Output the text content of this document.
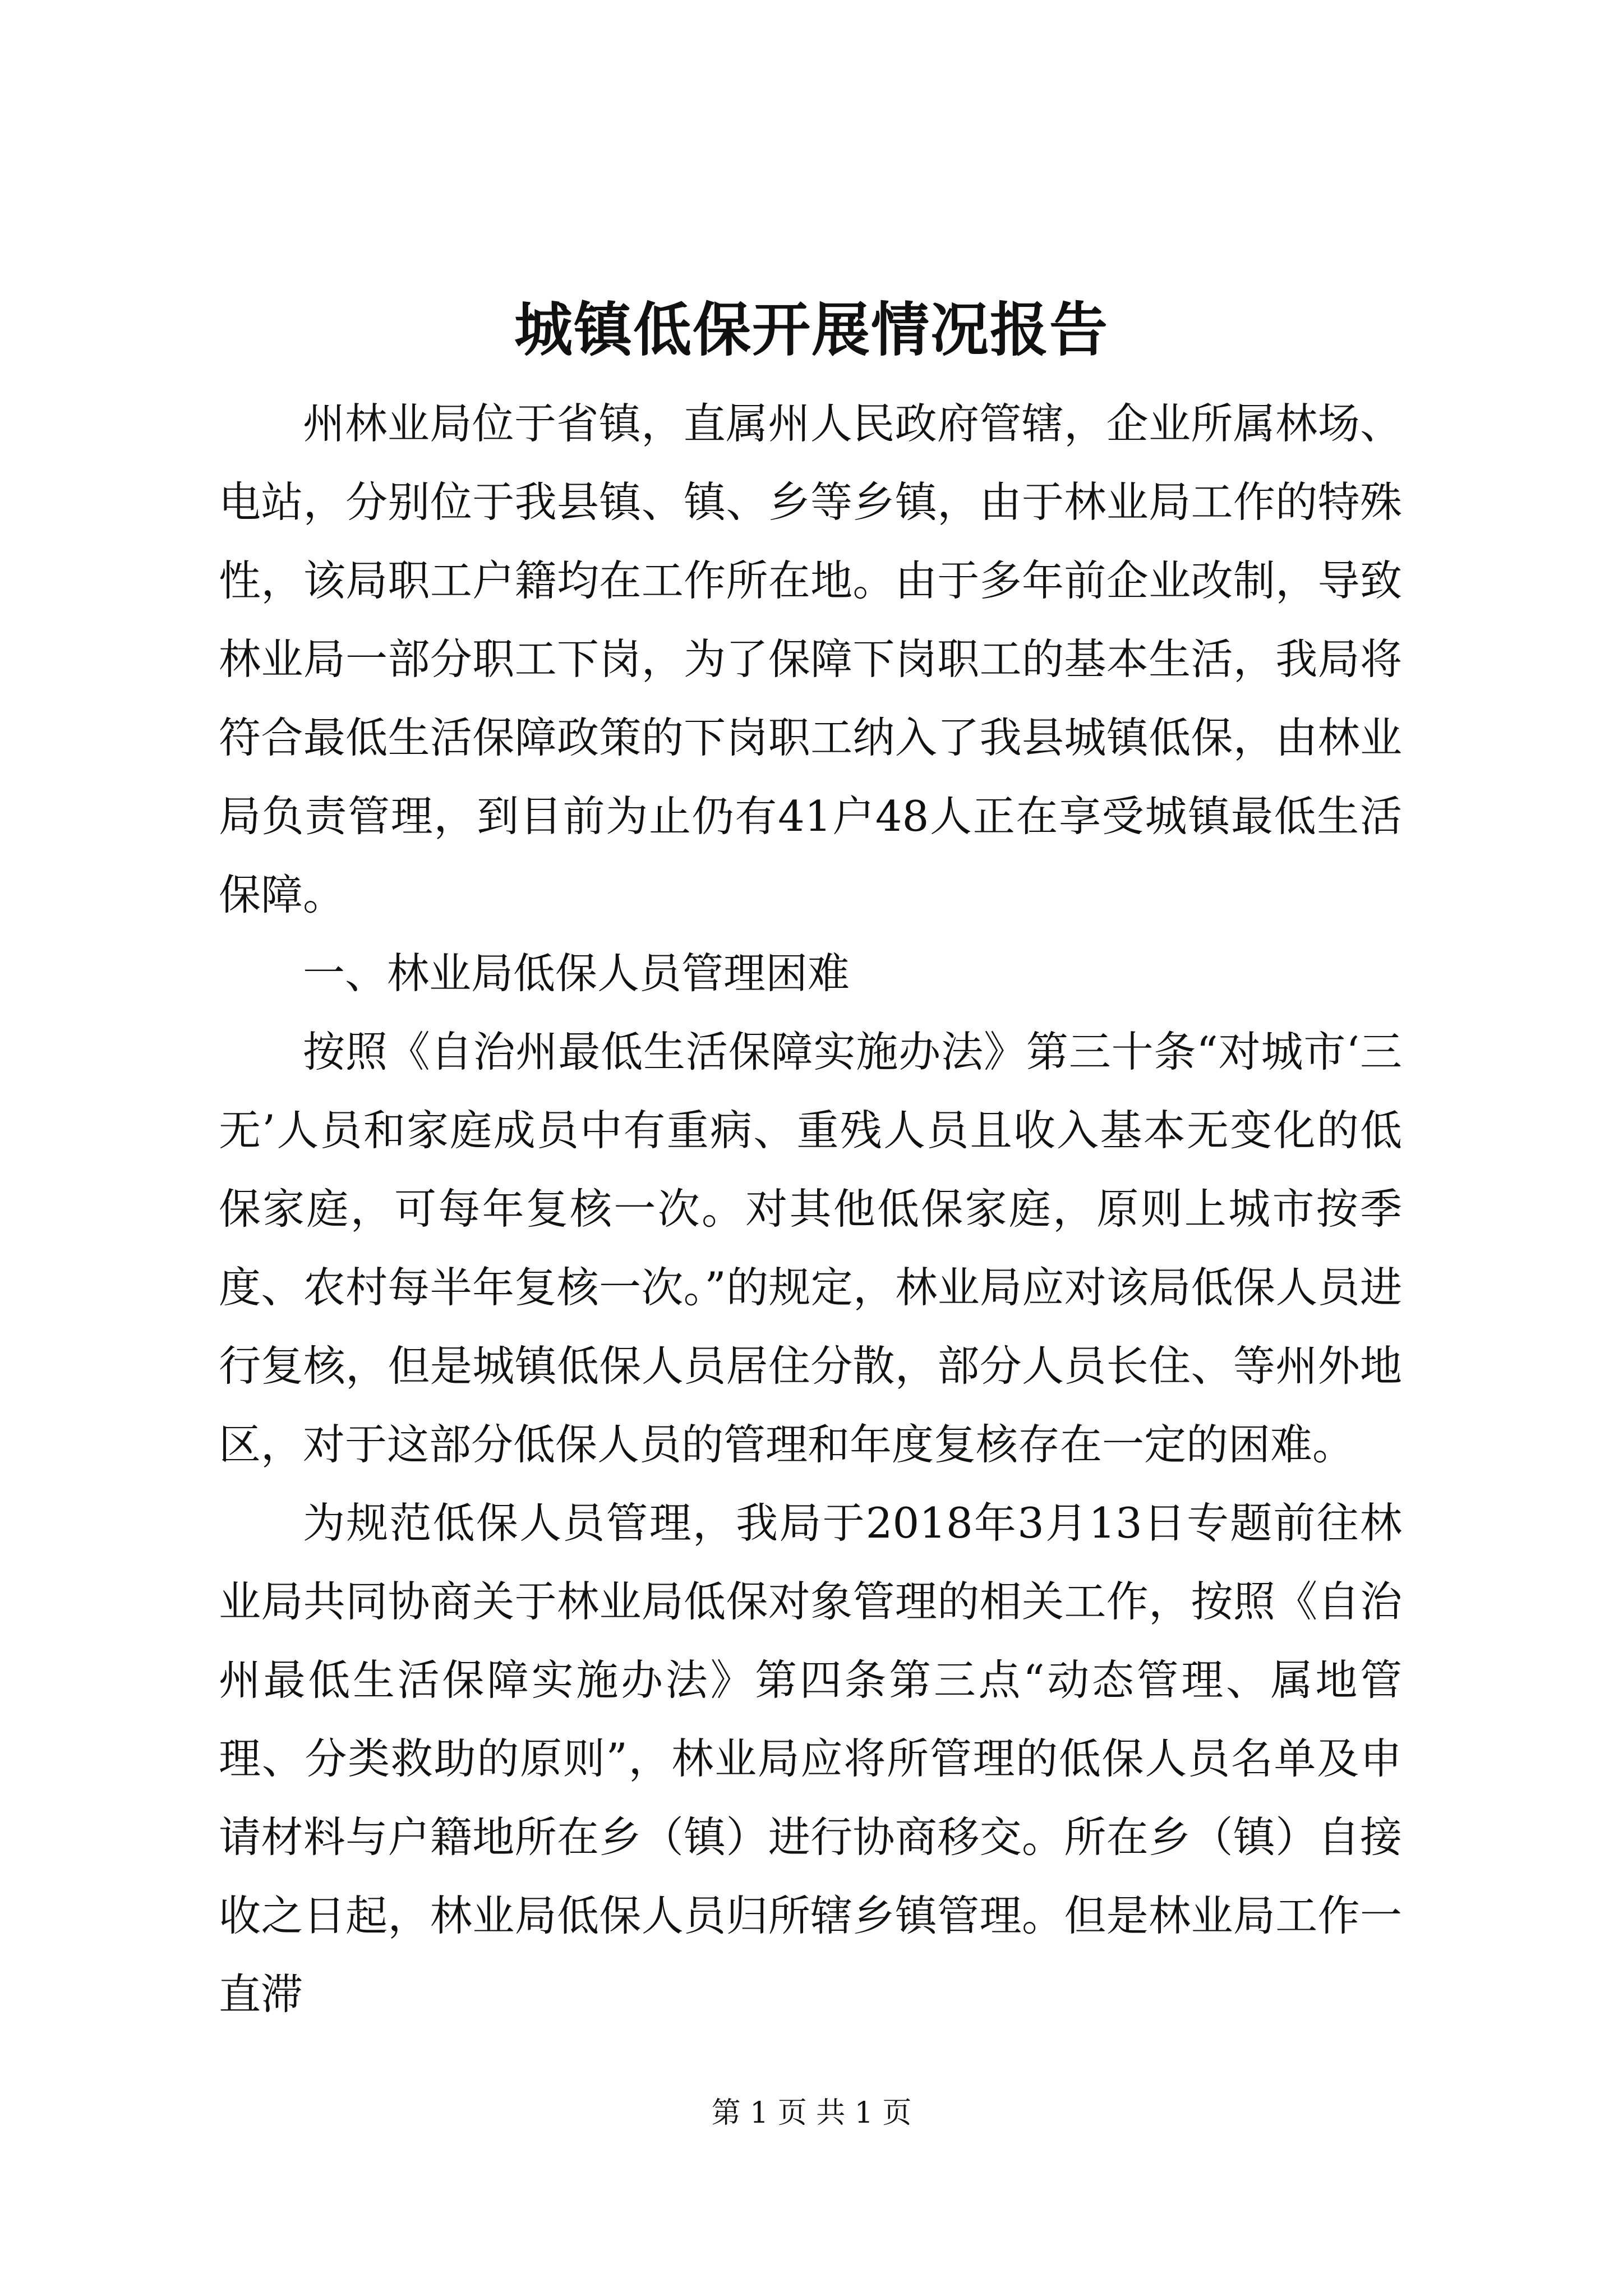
城镇低保开展情况报告

州林业局位于省镇，直属州人民政府管辖，企业所属林场、电站，分别位于我县镇、镇、乡等乡镇，由于林业局工作的特殊性，该局职工户籍均在工作所在地。由于多年前企业改制，导致林业局一部分职工下岗，为了保障下岗职工的基本生活，我局将符合最低生活保障政策的下岗职工纳入了我县城镇低保，由林业局负责管理，到目前为止仍有41户48人正在享受城镇最低生活保障。

一、林业局低保人员管理困难

按照《自治州最低生活保障实施办法》第三十条“对城市‘三无’人员和家庭成员中有重病、重残人员且收入基本无变化的低保家庭，可每年复核一次。对其他低保家庭，原则上城市按季度、农村每半年复核一次。”的规定，林业局应对该局低保人员进行复核，但是城镇低保人员居住分散，部分人员长住、等州外地区，对于这部分低保人员的管理和年度复核存在一定的困难。

为规范低保人员管理，我局于2018年3月13日专题前往林业局共同协商关于林业局低保对象管理的相关工作，按照《自治州最低生活保障实施办法》第四条第三点“动态管理、属地管理、分类救助的原则”，林业局应将所管理的低保人员名单及申请材料与户籍地所在乡（镇）进行协商移交。所在乡（镇）自接收之日起，林业局低保人员归所辖乡镇管理。但是林业局工作一直滞

第 1 页 共 1 页
